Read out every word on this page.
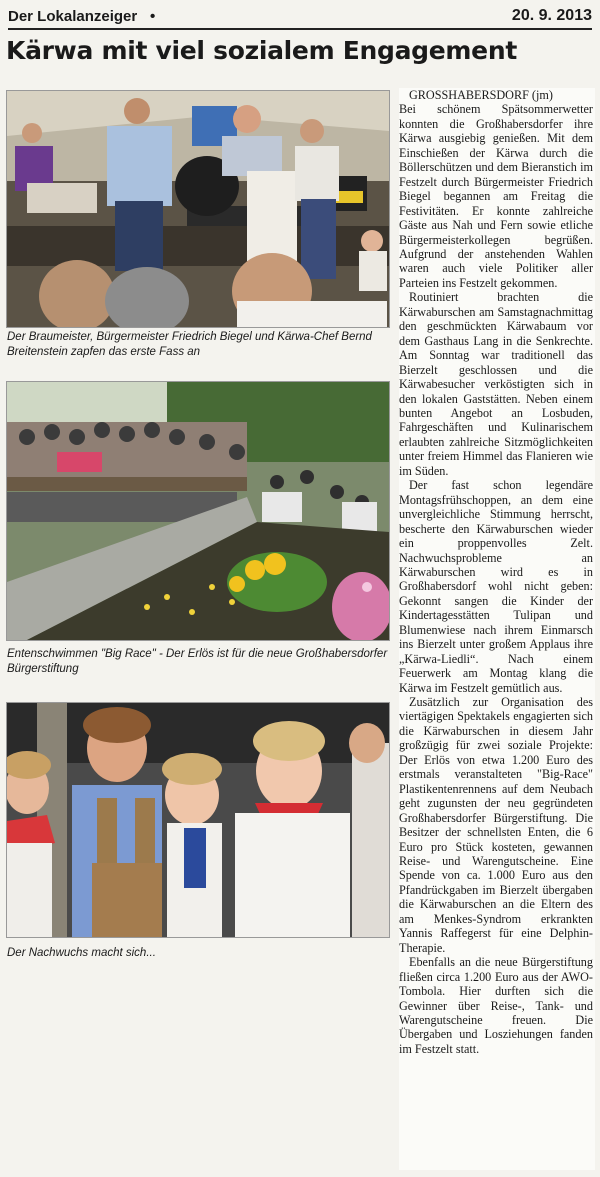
Der Lokalanzeiger •	20. 9. 2013
Kärwa mit viel sozialem Engagement
Der Braumeister, Bürgermeister Friedrich Biegel und Kärwa-Chef Bernd Breitenstein zapfen das erste Fass an
Entenschwimmen "Big Race" - Der Erlös ist für die neue Großhabersdorfer Bürgerstiftung
Der Nachwuchs macht sich...

GROSSHABERSDORF (jm)

Bei schönem Spätsommerwetter konnten die Großhabersdorfer ihre Kärwa ausgiebig genießen. Mit dem Einschießen der Kärwa durch die Böllerschützen und dem Bieranstich im Festzelt durch Bürgermeister Friedrich Biegel begannen am Freitag die Festivitäten. Er konnte zahlreiche Gäste aus Nah und Fern sowie etliche Bürgermeisterkollegen begrüßen. Aufgrund der anstehenden Wahlen waren auch viele Politiker aller Parteien ins Festzelt gekommen.

Routiniert brachten die Kärwaburschen am Samstagnachmittag den geschmückten Kärwabaum vor dem Gasthaus Lang in die Senkrechte. Am Sonntag war traditionell das Bierzelt geschlossen und die Kärwabesucher verköstigten sich in den lokalen Gaststätten. Neben einem bunten Angebot an Losbuden, Fahrgeschäften und Kulinarischem erlaubten zahlreiche Sitzmöglichkeiten unter freiem Himmel das Flanieren wie im Süden.

Der fast schon legendäre Montagsfrühschoppen, an dem eine unvergleichliche Stimmung herrscht, bescherte den Kärwaburschen wieder ein proppenvolles Zelt. Nachwuchsprobleme an Kärwaburschen wird es in Großhabersdorf wohl nicht geben: Gekonnt sangen die Kinder der Kindertagesstätten Tulipan und Blumenwiese nach ihrem Einmarsch ins Bierzelt unter großem Applaus ihre „Kärwa-Liedli“. Nach einem Feuerwerk am Montag klang die Kärwa im Festzelt gemütlich aus.

Zusätzlich zur Organisation des viertägigen Spektakels engagierten sich die Kärwaburschen in diesem Jahr großzügig für zwei soziale Projekte: Der Erlös von etwa 1.200 Euro des erstmals veranstalteten "Big-Race" Plastikentenrennens auf dem Neubach geht zugunsten der neu gegründeten Großhabersdorfer Bürgerstiftung. Die Besitzer der schnellsten Enten, die 6 Euro pro Stück kosteten, gewannen Reise- und Warengutscheine. Eine Spende von ca. 1.000 Euro aus den Pfandrückgaben im Bierzelt übergaben die Kärwaburschen an die Eltern des am Menkes-Syndrom erkrankten Yannis Raffegerst für eine Delphin-Therapie.

Ebenfalls an die neue Bürgerstiftung fließen circa 1.200 Euro aus der AWO-Tombola. Hier durften sich die Gewinner über Reise-, Tank- und Warengutscheine freuen. Die Übergaben und Losziehungen fanden im Festzelt statt.
